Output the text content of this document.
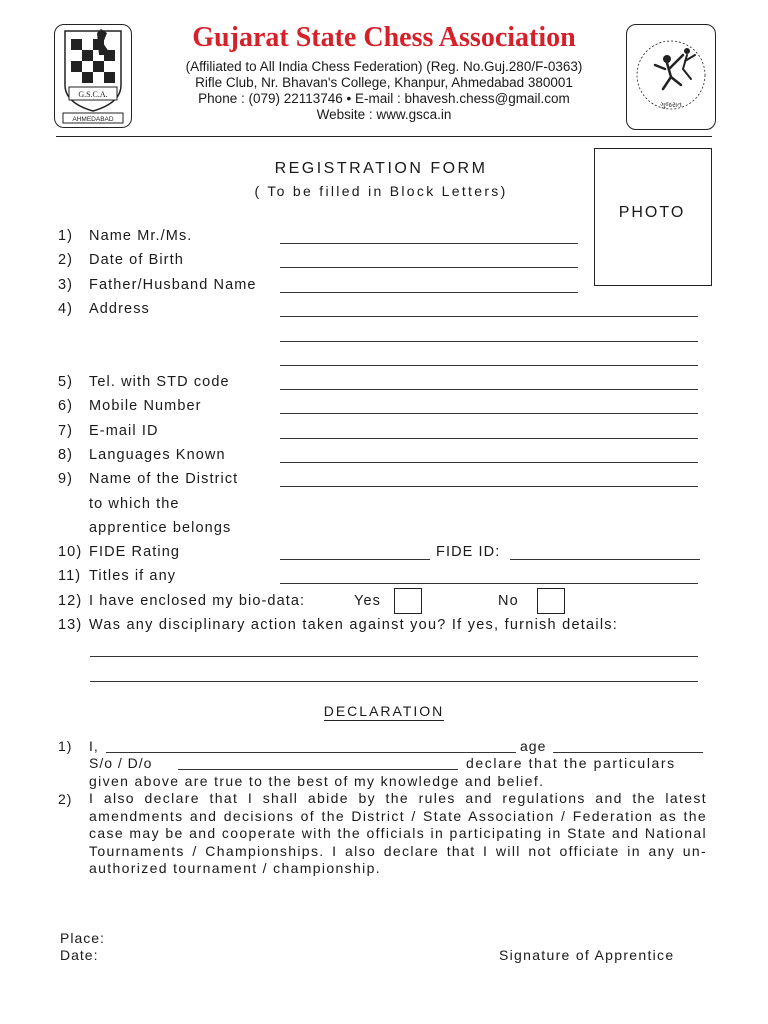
G.S.C.A.
AHMEDABAD
Gujarat State Chess Association
(Affiliated to All India Chess Federation) (Reg. No.Guj.280/F-0363)
Rifle Club, Nr. Bhavan's College, Khanpur, Ahmedabad 380001
Phone : (079) 22113746 • E-mail : bhavesh.chess@gmail.com
Website : www.gsca.in
ગુજરાત
REGISTRATION FORM
( To be filled in Block Letters)
PHOTO
1)	Name Mr./Ms.
2)	Date of Birth
3)	Father/Husband Name
4)	Address
5)	Tel. with STD code
6)	Mobile Number
7)	E-mail ID
8)	Languages Known
9)	Name of the District
to which the
apprentice belongs
10) FIDE Rating	FIDE ID:
11) Titles if any
12) I have enclosed my bio-data:	Yes	No
13) Was any disciplinary action taken against you? If yes, furnish details:
DECLARATION
1) I,	age
S/o / D/o	declare that the particulars
given above are true to the best of my knowledge and belief.
2) I also declare that I shall abide by the rules and regulations and the latest amendments and decisions of the District / State Association / Federation as the case may be and cooperate with the officials in participating in State and National Tournaments / Championships. I also declare that I will not officiate in any un-authorized tournament / championship.
Place:
Date:	Signature of Apprentice
